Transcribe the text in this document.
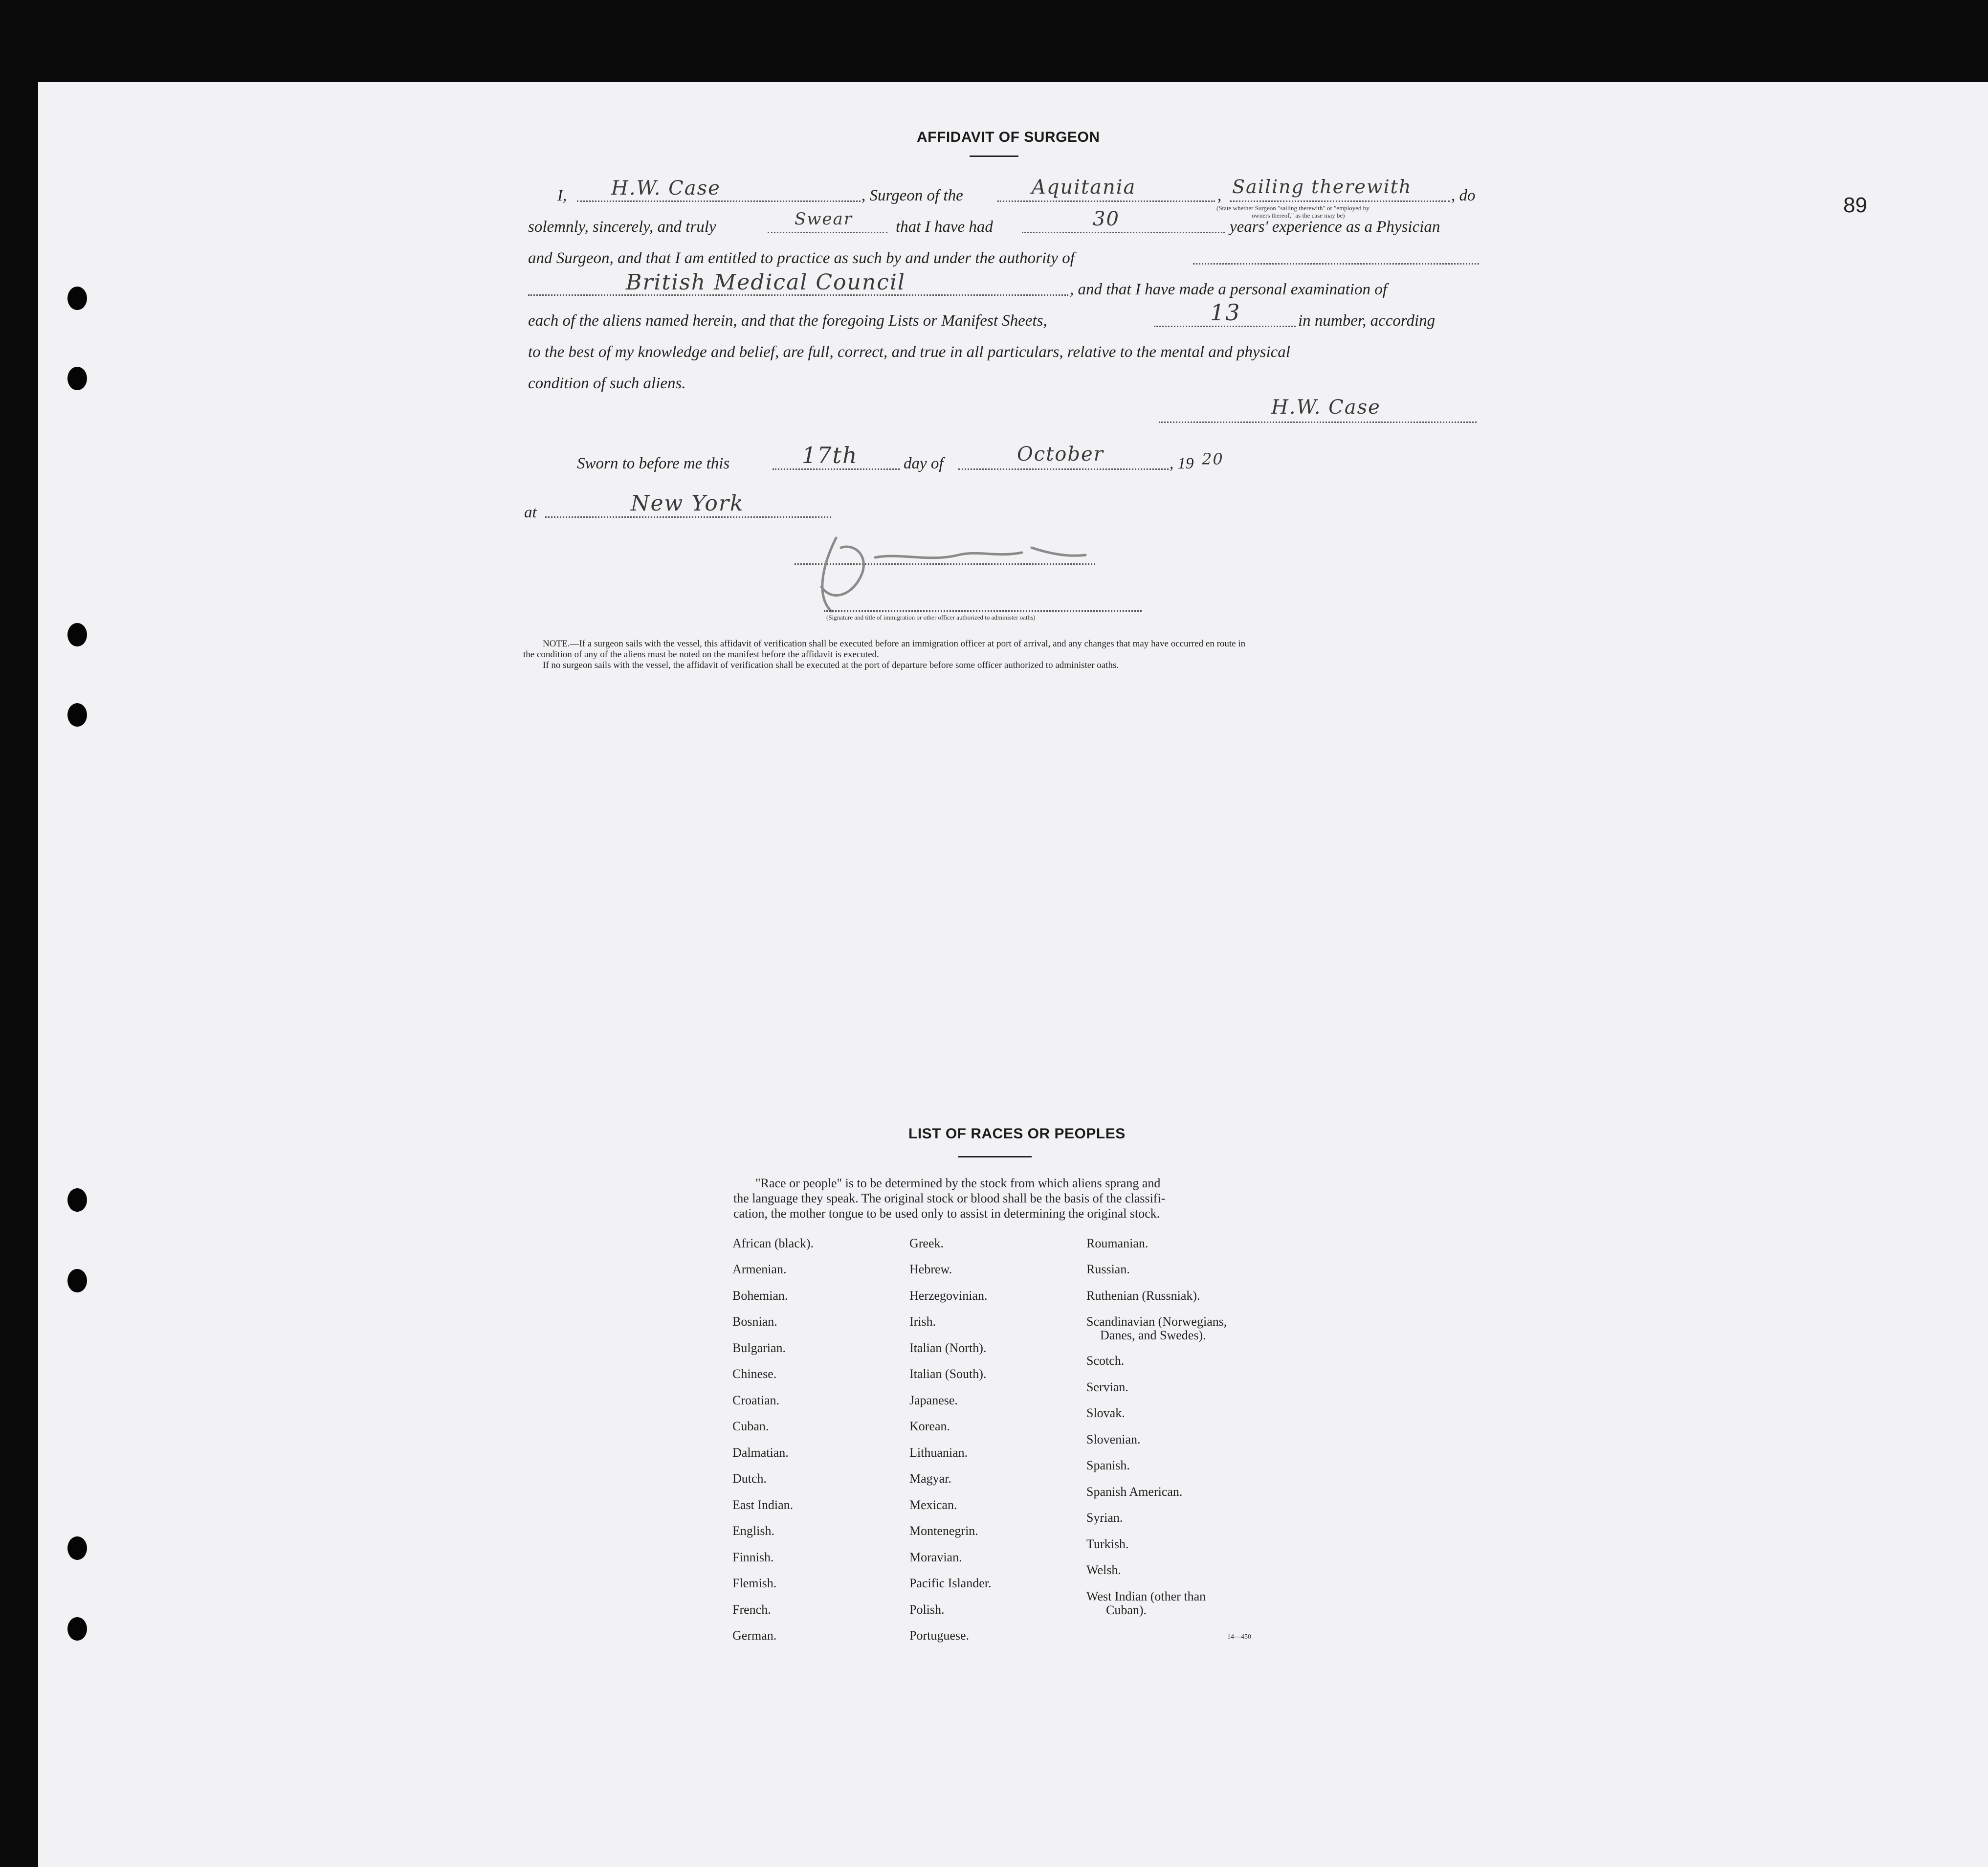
89
AFFIDAVIT OF SURGEON
I, H.W. Case	, Surgeon of the	Aquitania	, Sailing therewith , do
(State whether Surgeon "sailing therewith" or "employed by
owners thereof," as the case may be)
solemnly, sincerely, and truly	Swear	that I have had	30	years' experience as a Physician
and Surgeon, and that I am entitled to practice as such by and under the authority of
British Medical Council	, and that I have made a personal examination of
each of the aliens named herein, and that the foregoing Lists or Manifest Sheets,	13	in number, according
to the best of my knowledge and belief, are full, correct, and true in all particulars, relative to the mental and physical
condition of such aliens.
H.W. Case
Sworn to before me this	17th	day of	October	, 19 20
at	New York
(Signature and title of immigration or other officer authorized to administer oaths)
NOTE.—If a surgeon sails with the vessel, this affidavit of verification shall be executed before an immigration officer at port of arrival, and any changes that may have occurred en route in
the condition of any of the aliens must be noted on the manifest before the affidavit is executed.
If no surgeon sails with the vessel, the affidavit of verification shall be executed at the port of departure before some officer authorized to administer oaths.
LIST OF RACES OR PEOPLES
"Race or people" is to be determined by the stock from which aliens sprang and
the language they speak. The original stock or blood shall be the basis of the classifi-
cation, the mother tongue to be used only to assist in determining the original stock.
African (black).
Armenian.
Bohemian.
Bosnian.
Bulgarian.
Chinese.
Croatian.
Cuban.
Dalmatian.
Dutch.
East Indian.
English.
Finnish.
Flemish.
French.
German.
Greek.
Hebrew.
Herzegovinian.
Irish.
Italian (North).
Italian (South).
Japanese.
Korean.
Lithuanian.
Magyar.
Mexican.
Montenegrin.
Moravian.
Pacific Islander.
Polish.
Portuguese.
Roumanian.
Russian.
Ruthenian (Russniak).
Scandinavian (Norwegians,
Danes, and Swedes).
Scotch.
Servian.
Slovak.
Slovenian.
Spanish.
Spanish American.
Syrian.
Turkish.
Welsh.
West Indian (other than
Cuban).
14—450
